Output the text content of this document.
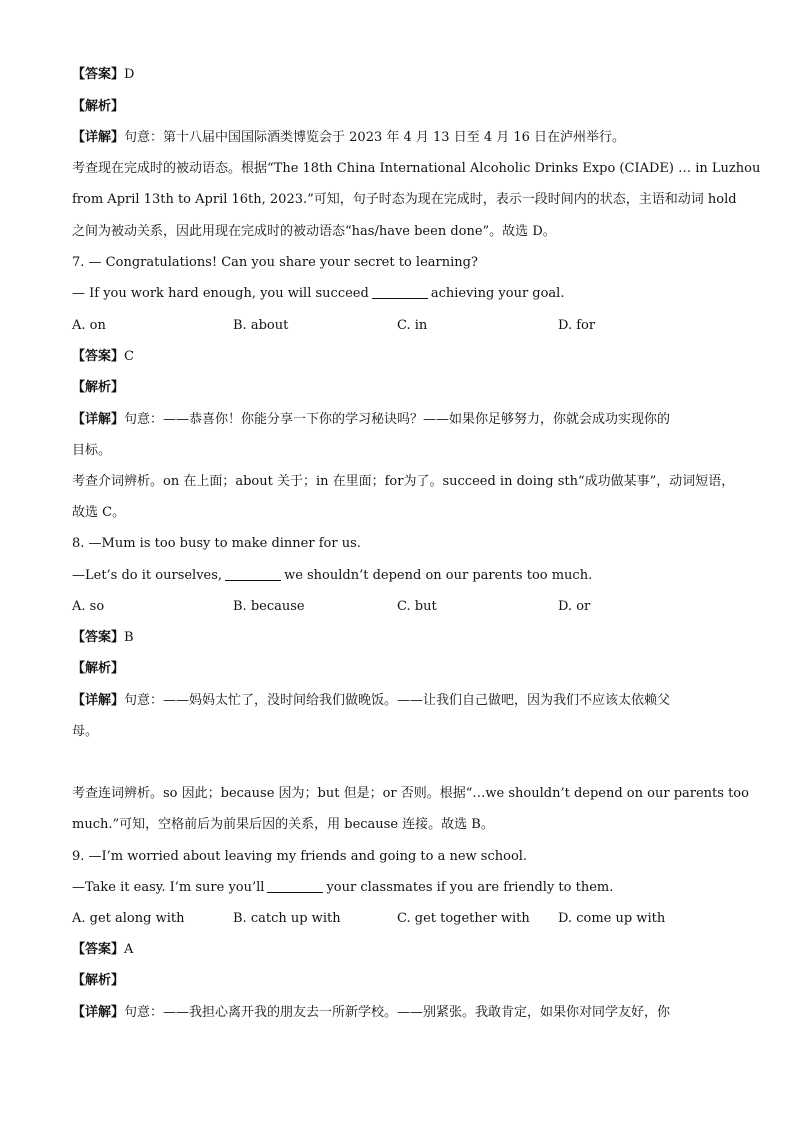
【答案】D
【解析】
【详解】句意：第十八届中国国际酒类博览会于 2023 年 4 月 13 日至 4 月 16 日在泸州举行。
考查现在完成时的被动语态。根据“The 18th China International Alcoholic Drinks Expo (CIADE) … in Luzhou
from April 13th to April 16th, 2023.”可知，句子时态为现在完成时，表示一段时间内的状态，主语和动词 hold
之间为被动关系，因此用现在完成时的被动语态“has/have been done”。故选 D。
7. — Congratulations! Can you share your secret to learning?
— If you work hard enough, you will succeed	achieving your goal.
A. on	B. about	C. in	D. for
【答案】C
【解析】
【详解】句意：——恭喜你！你能分享一下你的学习秘诀吗？——如果你足够努力，你就会成功实现你的
目标。
考查介词辨析。on 在上面；about 关于；in 在里面；for为了。succeed in doing sth“成功做某事”，动词短语，
故选 C。
8. —Mum is too busy to make dinner for us.
—Let’s do it ourselves,	we shouldn’t depend on our parents too much.
A. so	B. because	C. but	D. or
【答案】B
【解析】
【详解】句意：——妈妈太忙了，没时间给我们做晚饭。——让我们自己做吧，因为我们不应该太依赖父
母。
考查连词辨析。so 因此；because 因为；but 但是；or 否则。根据“…we shouldn’t depend on our parents too
much.”可知，空格前后为前果后因的关系，用 because 连接。故选 B。
9. —I’m worried about leaving my friends and going to a new school.
—Take it easy. I’m sure you’ll	your classmates if you are friendly to them.
A. get along with	B. catch up with	C. get together with D. come up with
【答案】A
【解析】
【详解】句意：——我担心离开我的朋友去一所新学校。——别紧张。我敢肯定，如果你对同学友好，你
